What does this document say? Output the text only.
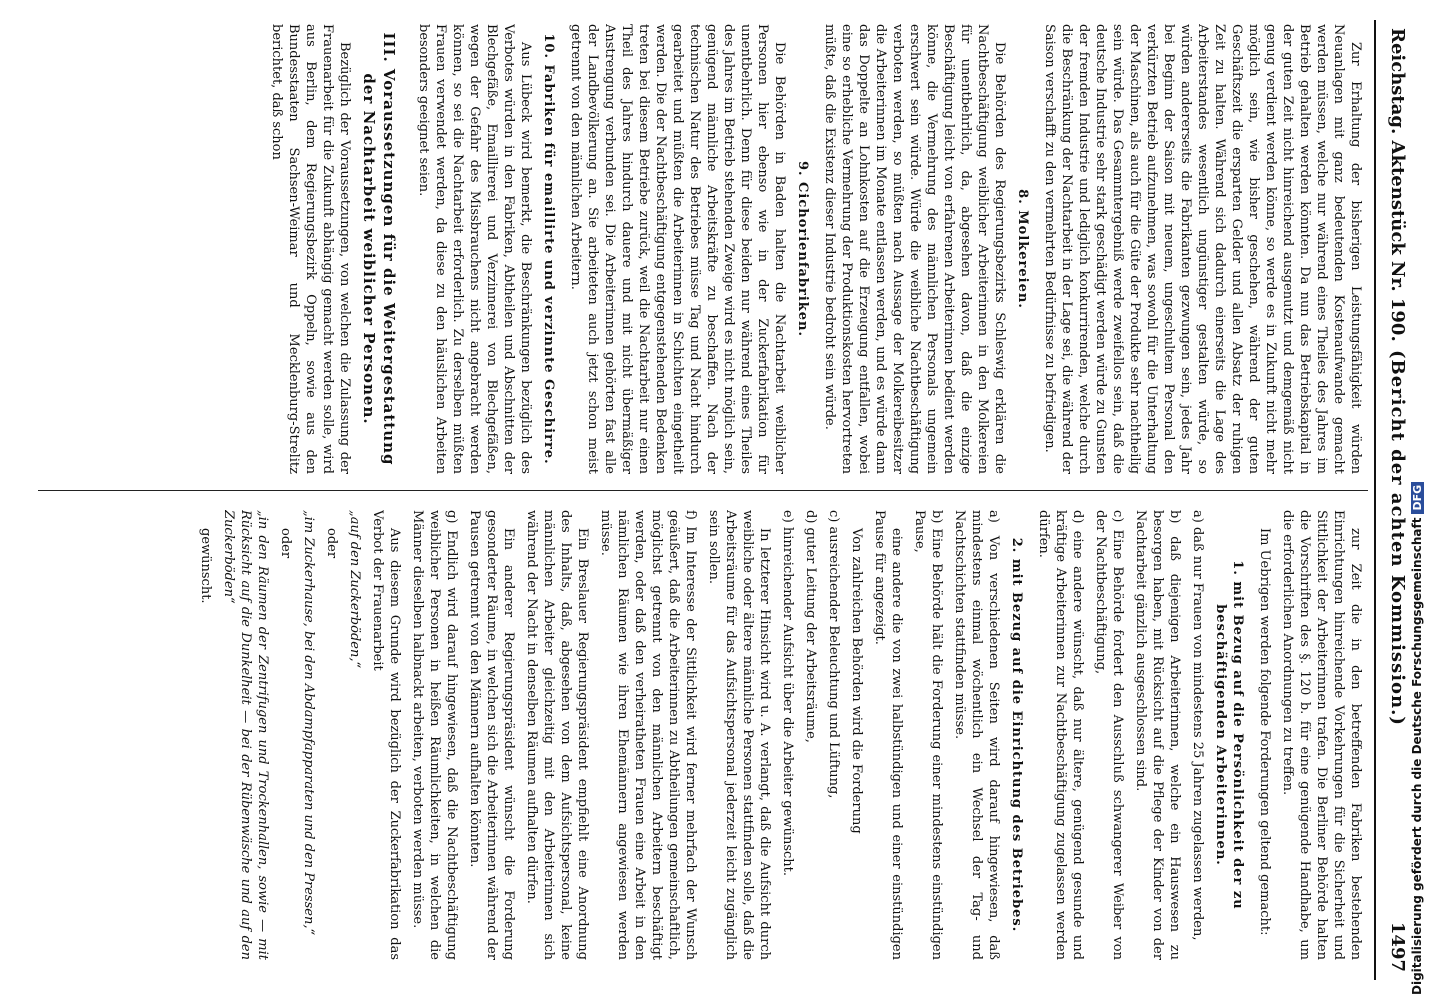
Reichstag. Aktenstück Nr. 190.
(Bericht der achten Kommission.)
1497

Zur Erhaltung der bisherigen Leistungsfähigkeit würden Neuanlagen mit ganz bedeutenden Kostenaufwande gemacht werden müssen, welche nur während eines Theiles des Jahres im Betrieb gehalten werden könnten. Da nun das Betriebskapital in der guten Zeit nicht hinreichend ausgenutzt und demgemäß nicht genug verdient werden könne, so werde es in Zukunft nicht mehr möglich sein, wie bisher geschehen, während der guten Geschäftszeit die ersparten Gelder und allen Absatz der ruhigen Zeit zu halten. Während sich dadurch einerseits die Lage des Arbeiterstandes wesentlich ungünstiger gestalten würde, so würden andererseits die Fabrikanten gezwungen sein, jedes Jahr bei Beginn der Saison mit neuem, ungeschultem Personal den verkürzten Betrieb aufzunehmen, was sowohl für die Unterhaltung der Maschinen, als auch für die Güte der Produkte sehr nachtheilig sein würde. Das Gesammtergebniß werde zweifellos sein, daß die deutsche Industrie sehr stark geschädigt werden würde zu Gunsten der fremden Industrie und lediglich konkurrirenden, welche durch die Beschränkung der Nachtarbeit in der Lage sei, die während der Saison verschafft zu den vermehrten Bedürfnisse zu befriedigen.

8. Molkereien.

Die Behörden des Regierungsbezirks Schleswig erklären die Nachtbeschäftigung weiblicher Arbeiterinnen in den Molkereien für unentbehrlich, da, abgesehen davon, daß die einzige Beschäftigung leicht von erfahrenen Arbeiterinnen bedient werden könne, die Vermehrung des männlichen Personals ungemein erschwert sein würde. Würde die weibliche Nachtbeschäftigung verboten werden, so müßten nach Aussage der Molkereibesitzer die Arbeiterinnen im Monate entlassen werden, und es würde dann das Doppelte an Lohnkosten auf die Erzeugung entfallen, wobei eine so erhebliche Vermehrung der Produktionskosten hervortreten müßte, daß die Existenz dieser Industrie bedroht sein würde.

9. Cichorienfabriken.

Die Behörden in Baden halten die Nachtarbeit weiblicher Personen hier ebenso wie in der Zuckerfabrikation für unentbehrlich. Denn für diese beiden nur während eines Theiles des Jahres im Betrieb stehenden Zweige wird es nicht möglich sein, genügend männliche Arbeitskräfte zu beschaffen. Nach der technischen Natur des Betriebes müsse Tag und Nacht hindurch gearbeitet und müßten die Arbeiterinnen in Schichten eingetheilt werden. Die der Nachtbeschäftigung entgegenstehenden Bedenken treten bei diesem Betriebe zurück, weil die Nachtarbeit nur einen Theil des Jahres hindurch dauere und mit nicht übermäßiger Anstrengung verbunden sei. Die Arbeiterinnen gehörten fast alle der Landbevölkerung an. Sie arbeiteten auch jetzt schon meist getrennt von den männlichen Arbeitern.

10. Fabriken für emaillirte und verzinnte Geschirre.

Aus Lübeck wird bemerkt, die Beschränkungen bezüglich des Verbotes würden in den Fabriken, Abtheilen und Abschnitten der Blechgefäße, Emaillirerei und Verzinnerei von Blechgefäßen, wegen der Gefahr des Missbrauchens nicht angebracht werden können, so sei die Nachtarbeit erforderlich. Zu derselben müßten Frauen verwendet werden, da diese zu den häuslichen Arbeiten besonders geeignet seien.

III. Voraussetzungen für die Weitergestattung der Nachtarbeit weiblicher Personen.

Bezüglich der Voraussetzungen, von welchen die Zulassung der Frauenarbeit für die Zukunft abhängig gemacht werden solle, wird aus Berlin, dem Regierungsbezirk Oppeln, sowie aus den Bundesstaaten Sachsen-Weimar und Mecklenburg-Strelitz berichtet, daß schon

zur Zeit die in den betreffenden Fabriken bestehenden Einrichtungen hinreichende Vorkehrungen für die Sicherheit und Sittlichkeit der Arbeiterinnen trafen. Die Berliner Behörde halten die Vorschriften des §. 120 b. für eine genügende Handhabe, um die erforderlichen Anordnungen zu treffen.

Im Uebrigen werden folgende Forderungen geltend gemacht:

1. mit Bezug auf die Persönlichkeit der zu beschäftigenden Arbeiterinnen.

a) daß nur Frauen von mindestens 25 Jahren zugelassen werden,

b) daß diejenigen Arbeiterinnen, welche ein Hauswesen zu besorgen haben, mit Rücksicht auf die Pflege der Kinder von der Nachtarbeit gänzlich ausgeschlossen sind.

c) Eine Behörde fordert den Ausschluß schwangerer Weiber von der Nachtbeschäftigung,

d) eine andere wünscht, daß nur ältere, genügend gesunde und kräftige Arbeiterinnen zur Nachtbeschäftigung zugelassen werden dürfen.

2. mit Bezug auf die Einrichtung des Betriebes.

a) Von verschiedenen Seiten wird darauf hingewiesen, daß mindestens einmal wöchentlich ein Wechsel der Tag- und Nachtschichten stattfinden müsse.

b) Eine Behörde hält die Forderung einer mindestens einstündigen Pause,

eine andere die von zwei halbstündigen und einer einstündigen Pause für angezeigt.

Von zahlreichen Behörden wird die Forderung

c) ausreichender Beleuchtung und Lüftung,

d) guter Leitung der Arbeitsräume,

e) hinreichender Aufsicht über die Arbeiter gewünscht.

In letzterer Hinsicht wird u. A. verlangt, daß die Aufsicht durch weibliche oder ältere männliche Personen stattfinden solle, daß die Arbeitsräume für das Aufsichtspersonal jederzeit leicht zugänglich sein sollen.

f) Im Interesse der Sittlichkeit wird ferner mehrfach der Wunsch geäußert, daß die Arbeiterinnen zu Abtheilungen gemeinschaftlich, möglichst getrennt von den männlichen Arbeitern beschäftigt werden, oder daß den verheiratheten Frauen eine Arbeit in den nämlichen Räumen wie ihren Ehemännern angewiesen werden müsse.

Ein Breslauer Regierungspräsident empfiehlt eine Anordnung des Inhalts, daß, abgesehen von dem Aufsichtspersonal, keine männlichen Arbeiter gleichzeitig mit den Arbeiterinnen sich während der Nacht in denselben Räumen aufhalten dürfen.

Ein anderer Regierungspräsident wünscht die Forderung gesonderter Räume, in welchen sich die Arbeiterinnen während der Pausen getrennt von den Männern aufhalten könnten.

g) Endlich wird darauf hingewiesen, daß die Nachtbeschäftigung weiblicher Personen in heißen Räumlichkeiten, in welchen die Männer dieselben halbnackt arbeiten, verboten werden müsse.

Aus diesem Grunde wird bezüglich der Zuckerfabrikation das Verbot der Frauenarbeit

„auf den Zuckerböden,“

oder

„im Zuckerhause, bei den Abdampfapparaten und den Pressen,“

oder

„in den Räumen der Zentrifugen und Trockenhallen, sowie — mit Rücksicht auf die Dunkelheit — bei der Rübenwäsche und auf den Zuckerböden“

gewünscht.	Digitalisierung gefördert durch die Deutsche ForschungsgemeinschaftDFG
